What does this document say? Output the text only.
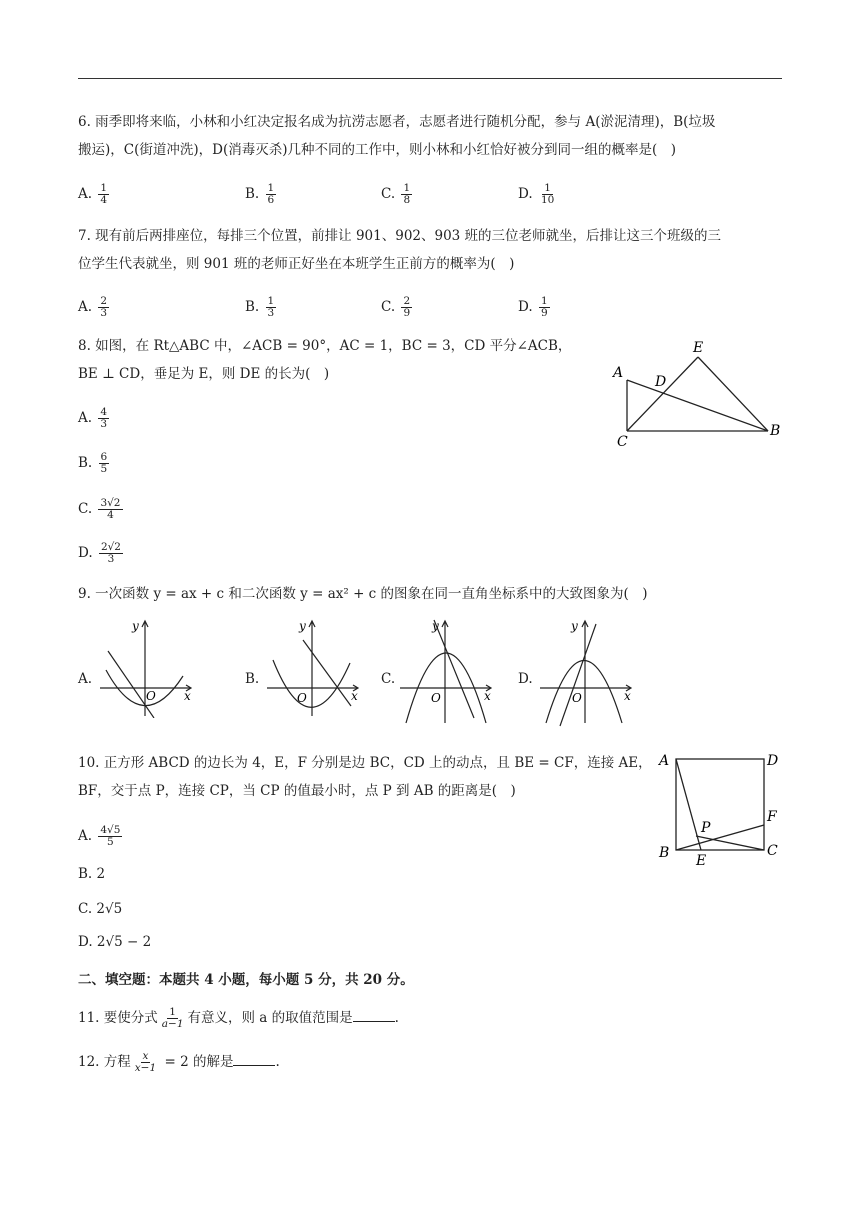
6. 雨季即将来临，小林和小红决定报名成为抗涝志愿者，志愿者进行随机分配，参与 A(淤泥清理)，B(垃圾
搬运)，C(街道冲洗)，D(消毒灭杀)几种不同的工作中，则小林和小红恰好被分到同一组的概率是(　)
A. $\frac{1}{4}$	B. $\frac{1}{6}$	C. $\frac{1}{8}$	D. $\frac{1}{10}$
7. 现有前后两排座位，每排三个位置，前排让 901、902、903 班的三位老师就坐，后排让这三个班级的三
位学生代表就坐，则 901 班的老师正好坐在本班学生正前方的概率为(　)
A. $\frac{2}{3}$	B. $\frac{1}{3}$	C. $\frac{2}{9}$	D. $\frac{1}{9}$
8. 如图，在 Rt△ABC 中，∠ACB = 90°，AC = 1，BC = 3，CD 平分∠ACB，
BE ⊥ CD，垂足为 E，则 DE 的长为(　)
A. $\frac{4}{3}$
B. $\frac{6}{5}$
C. $\frac{3√2}{4}$
D. $\frac{2√2}{3}$
A
E
D
C
B
9. 一次函数 y = ax + c 和二次函数 y = ax² + c 的图象在同一直角坐标系中的大致图象为(　)
A.
y
x
O
B.
y
x
O
C.
y
x
O
D.
y
x
O
10. 正方形 ABCD 的边长为 4，E，F 分别是边 BC，CD 上的动点，且 BE = CF，连接 AE，
BF，交于点 P，连接 CP，当 CP 的值最小时，点 P 到 AB 的距离是(　)
A. $\frac{4√5}{5}$
B. 2
C. 2√5
D. 2√5 − 2
A	D
F
P
B E
C
二、填空题：本题共 4 小题，每小题 5 分，共 20 分。
11. 要使分式 $\frac{1}{a-1}$ 有意义，则 a 的取值范围是	.
12. 方程 $\frac{x}{x-1} = 2$ 的解是	.
